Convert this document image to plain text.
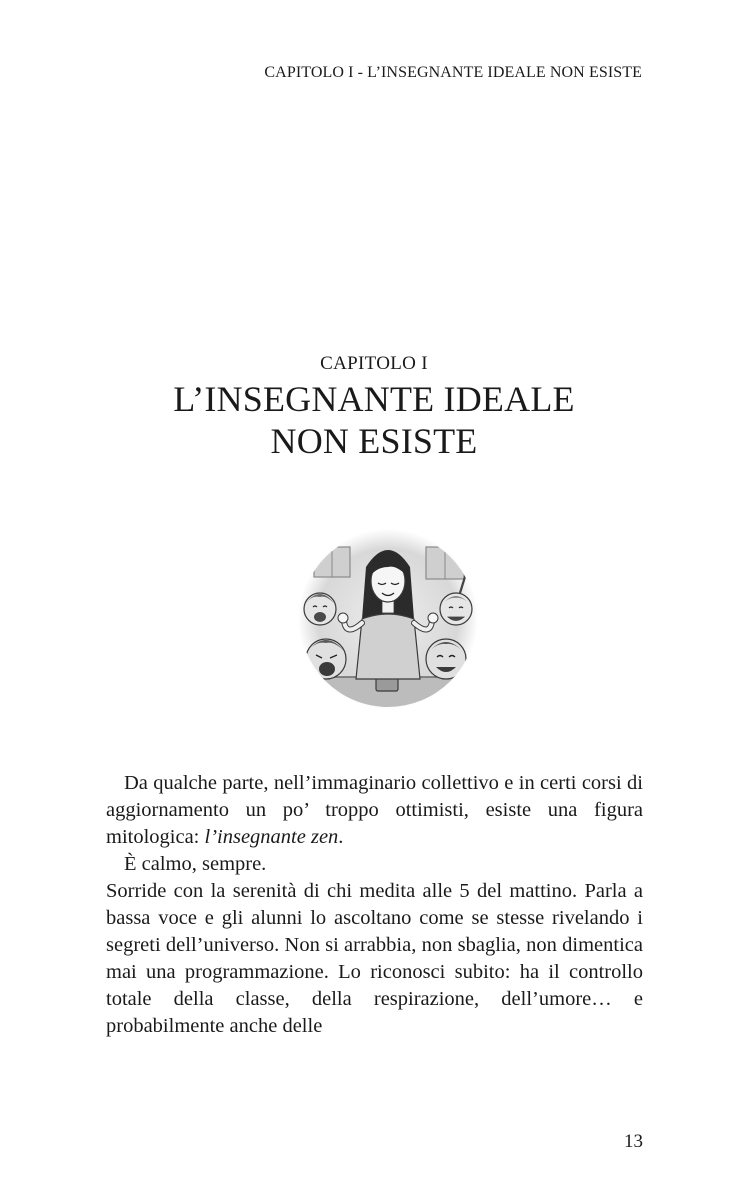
CAPITOLO I - L’INSEGNANTE IDEALE NON ESISTE
CAPITOLO I
L’INSEGNANTE IDEALE
NON ESISTE

Da qualche parte, nell’immaginario collettivo e in certi corsi di aggiornamento un po’ troppo ottimisti, esiste una figura mitologica: l’insegnante zen.

È calmo, sempre.

Sorride con la serenità di chi medita alle 5 del mattino. Parla a bassa voce e gli alunni lo ascoltano come se stesse rivelando i segreti dell’universo. Non si arrabbia, non sbaglia, non dimentica mai una programmazione. Lo riconosci subito: ha il controllo totale della classe, della respirazione, dell’umore… e probabilmente anche delle

13
